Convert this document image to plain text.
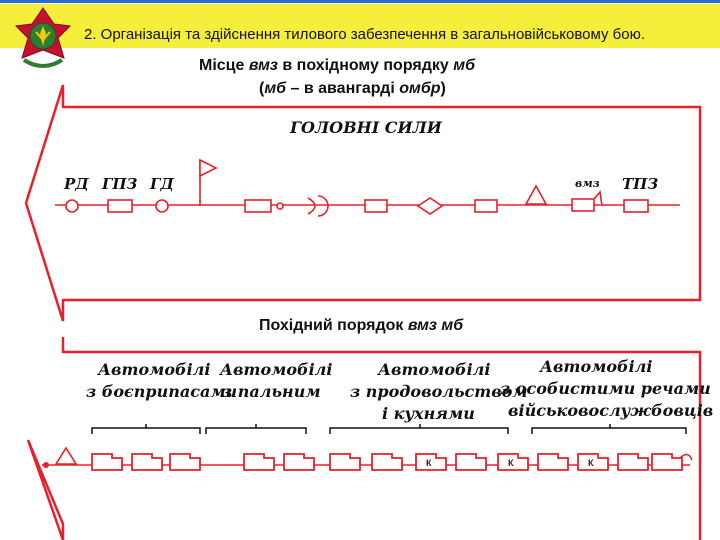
2. Організація та здійснення тилового забезпечення в загальновійськовому бою.
Місце вмз в похідному порядку мб
(мб – в авангарді омбр)
Похідний порядок вмз мб
ГОЛОВНІ СИЛИ
РД ГПЗ ГД	вмз ТПЗ
Автомобілі
з боєприпасами
Автомобілі
з пальним
Автомобілі
з продовольством
і кухнями
Автомобілі
з особистими речами
військовослужбовців
К	К	К
